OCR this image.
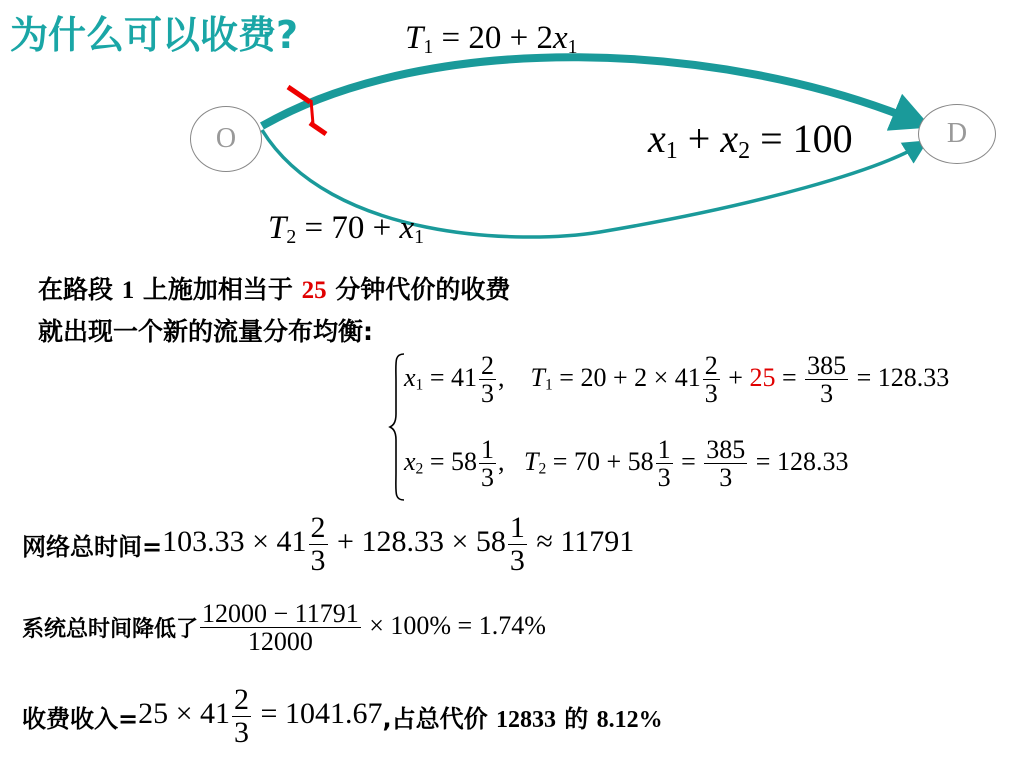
为什么可以收费?
O	D
$T_1 = 20 + 2x_1$
$x_1 + x_2 = 100$
$T_2 = 70 + x_1$
在路段 1 上施加相当于 25 分钟代价的收费
就出现一个新的流量分布均衡:
$x_1 = 41 \frac{2}{3}$ , $T_1 = 20 + 2 \times 41 \frac{2}{3} + 25 = \frac{385}{3} = 128.33$
$x_2 = 58 \frac{1}{3}$ , $T_2 = 70 + 58 \frac{1}{3} = \frac{385}{3} = 128.33$
网络总时间= $103.33 \times 41 \frac{2}{3} + 128.33 \times 58 \frac{1}{3} \approx 11791$
系统总时间降低了 $\frac{12000 - 11791}{12000} \times 100\% = 1.74\%$
收费收入= $25 \times 41 \frac{2}{3} = 1041.67$ ,占总代价 12833 的 8.12%
